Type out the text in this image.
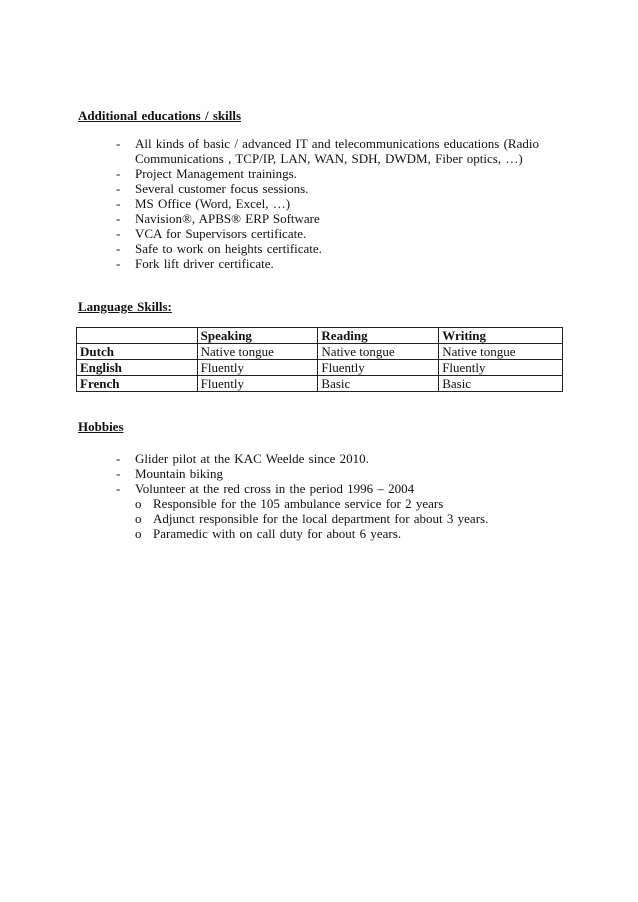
Additional educations / skills
- All kinds of basic / advanced IT and telecommunications educations (Radio Communications , TCP/IP, LAN, WAN, SDH, DWDM, Fiber optics, …)
- Project Management trainings.
- Several customer focus sessions.
- MS Office (Word, Excel, …)
- Navision®, APBS® ERP Software
- VCA for Supervisors certificate.
- Safe to work on heights certificate.
- Fork lift driver certificate.
Language Skills:
	Speaking	Reading	Writing
Dutch	Native tongue	Native tongue	Native tongue
English	Fluently	Fluently	Fluently
French	Fluently	Basic	Basic
Hobbies
- Glider pilot at the KAC Weelde since 2010.
- Mountain biking
- Volunteer at the red cross in the period 1996 – 2004
o Responsible for the 105 ambulance service for 2 years
o Adjunct responsible for the local department for about 3 years.
o Paramedic with on call duty for about 6 years.
